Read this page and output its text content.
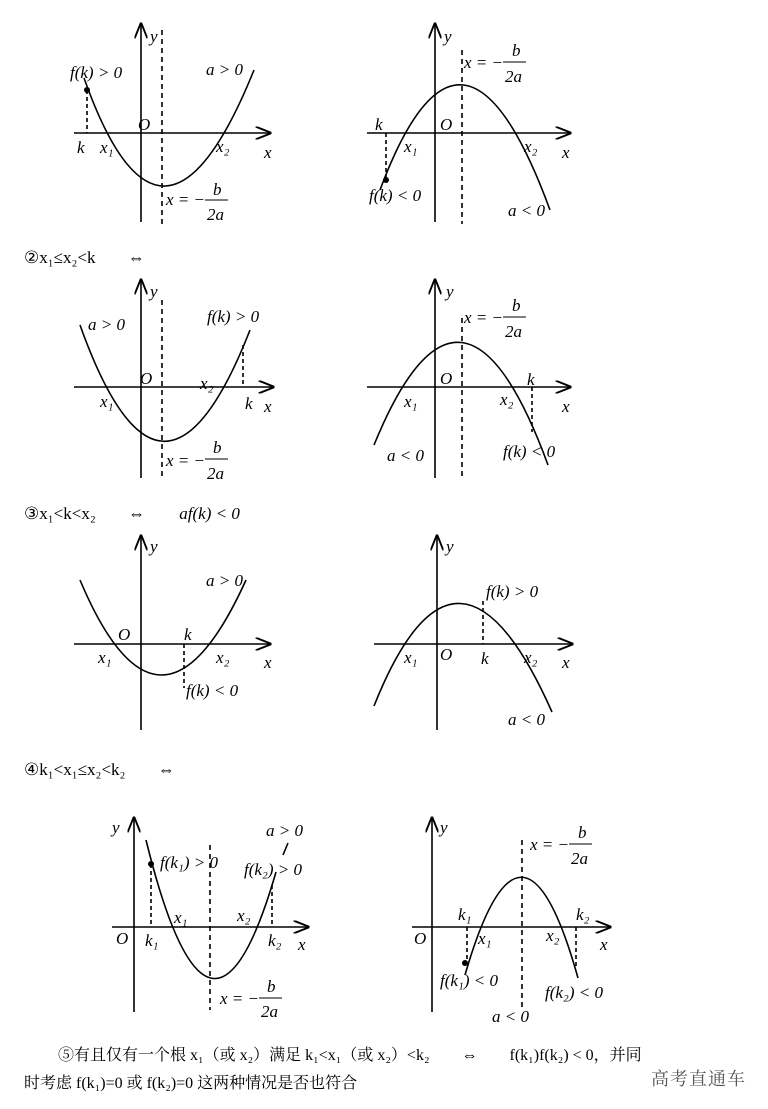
y
x
O
f(k) > 0	a > 0
k x₁	x₂
x = −
b
2a
y
x
O
k
x₁	x₂
f(k) < 0
a < 0
x = −
b
2a
y
x
O
a > 0	f(k) > 0
x₁
x₂
k
x = −
b
2a
y
x
O
x = −
b
2a
x₁	x₂
k
a < 0	f(k) < 0
y
x
O
a > 0
k
x₁	x₂
f(k) < 0
y
x
O
f(k) > 0
x₁	k x₂
a < 0
y
x
O
a > 0
f(k₁) > 0 f(k₂) > 0
k₁
x₁	x₂
k₂
x = −
b
2a
O
y
x
x = −
b
2a
k₁
x₁	x₂
k₂
f(k₁) < 0
f(k₂) < 0
a < 0
②x₁≤x₂<k ⇔
③x₁<k<x₂ ⇔ af(k) < 0
④k₁<x₁≤x₂<k₂ ⇔
⑤有且仅有一个根 x₁（或 x₂）满足 k₁<x₁（或 x₂）<k₂　　⇔　　f(k₁)f(k₂) < 0，并同
时考虑 f(k₁)=0 或 f(k₂)=0 这两种情况是否也符合	高考直通车
